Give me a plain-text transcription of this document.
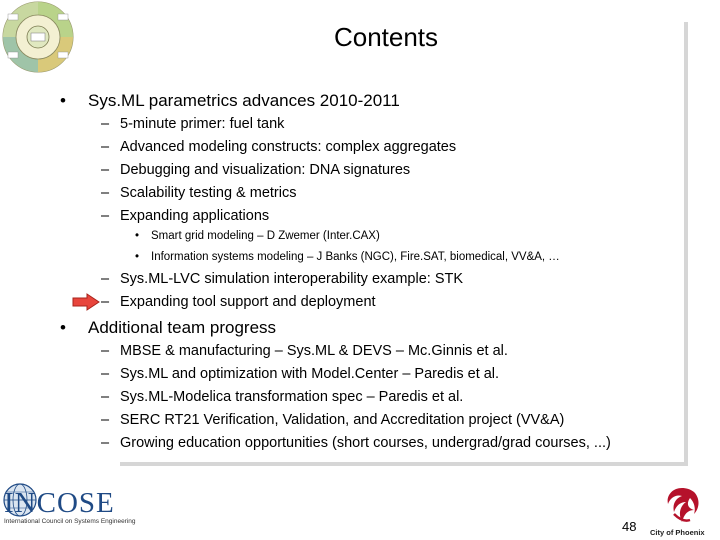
Contents
• Sys.ML parametrics advances 2010-2011
– 5-minute primer: fuel tank
– Advanced modeling constructs: complex aggregates
– Debugging and visualization: DNA signatures
– Scalability testing & metrics
– Expanding applications
• Smart grid modeling – D Zwemer (Inter.CAX)
• Information systems modeling – J Banks (NGC), Fire.SAT, biomedical, VV&A, …
– Sys.ML-LVC simulation interoperability example: STK
– Expanding tool support and deployment
• Additional team progress
– MBSE & manufacturing – Sys.ML & DEVS – Mc.Ginnis et al.
– Sys.ML and optimization with Model.Center – Paredis et al.
– Sys.ML-Modelica transformation spec – Paredis et al.
– SERC RT21 Verification, Validation, and Accreditation project (VV&A)
– Growing education opportunities (short courses, undergrad/grad courses, ...)
INCOSE
International Council on Systems Engineering	48 City of Phoenix
